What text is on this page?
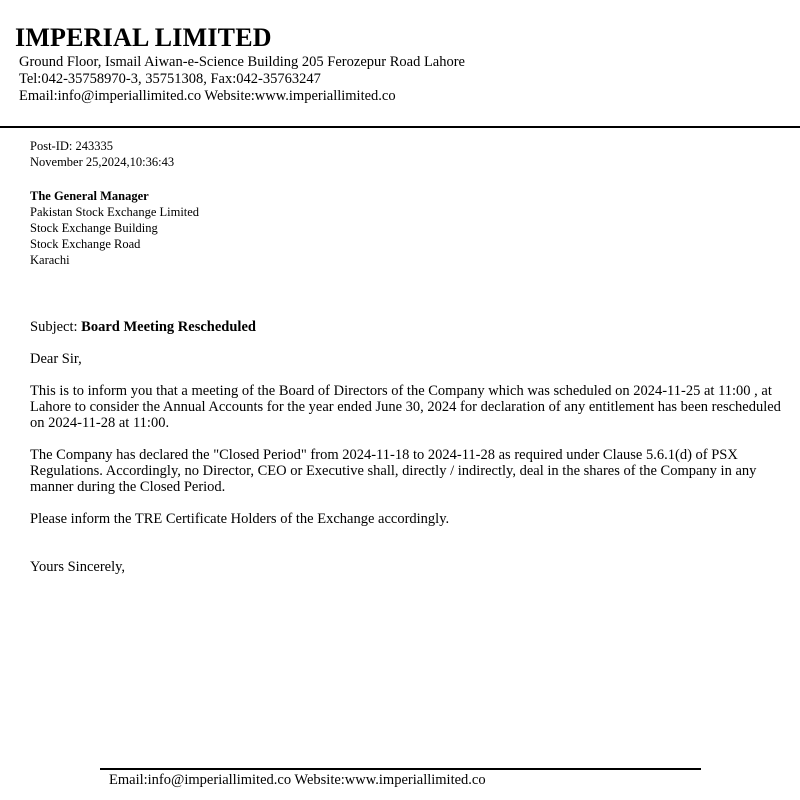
IMPERIAL LIMITED
Ground Floor, Ismail Aiwan-e-Science Building 205 Ferozepur Road Lahore
Tel:042-35758970-3, 35751308, Fax:042-35763247
Email:info@imperiallimited.co Website:www.imperiallimited.co
Post-ID: 243335
November 25,2024,10:36:43
The General Manager
Pakistan Stock Exchange Limited
Stock Exchange Building
Stock Exchange Road
Karachi
Subject: Board Meeting Rescheduled
Dear Sir,
This is to inform you that a meeting of the Board of Directors of the Company which was scheduled on 2024-11-25 at 11:00 , at Lahore to consider the Annual Accounts for the year ended June 30, 2024 for declaration of any entitlement has been rescheduled on 2024-11-28 at 11:00.
The Company has declared the "Closed Period" from 2024-11-18 to 2024-11-28 as required under Clause 5.6.1(d) of PSX Regulations. Accordingly, no Director, CEO or Executive shall, directly / indirectly, deal in the shares of the Company in any manner during the Closed Period.
Please inform the TRE Certificate Holders of the Exchange accordingly.
Yours Sincerely,
Email:info@imperiallimited.co Website:www.imperiallimited.co
